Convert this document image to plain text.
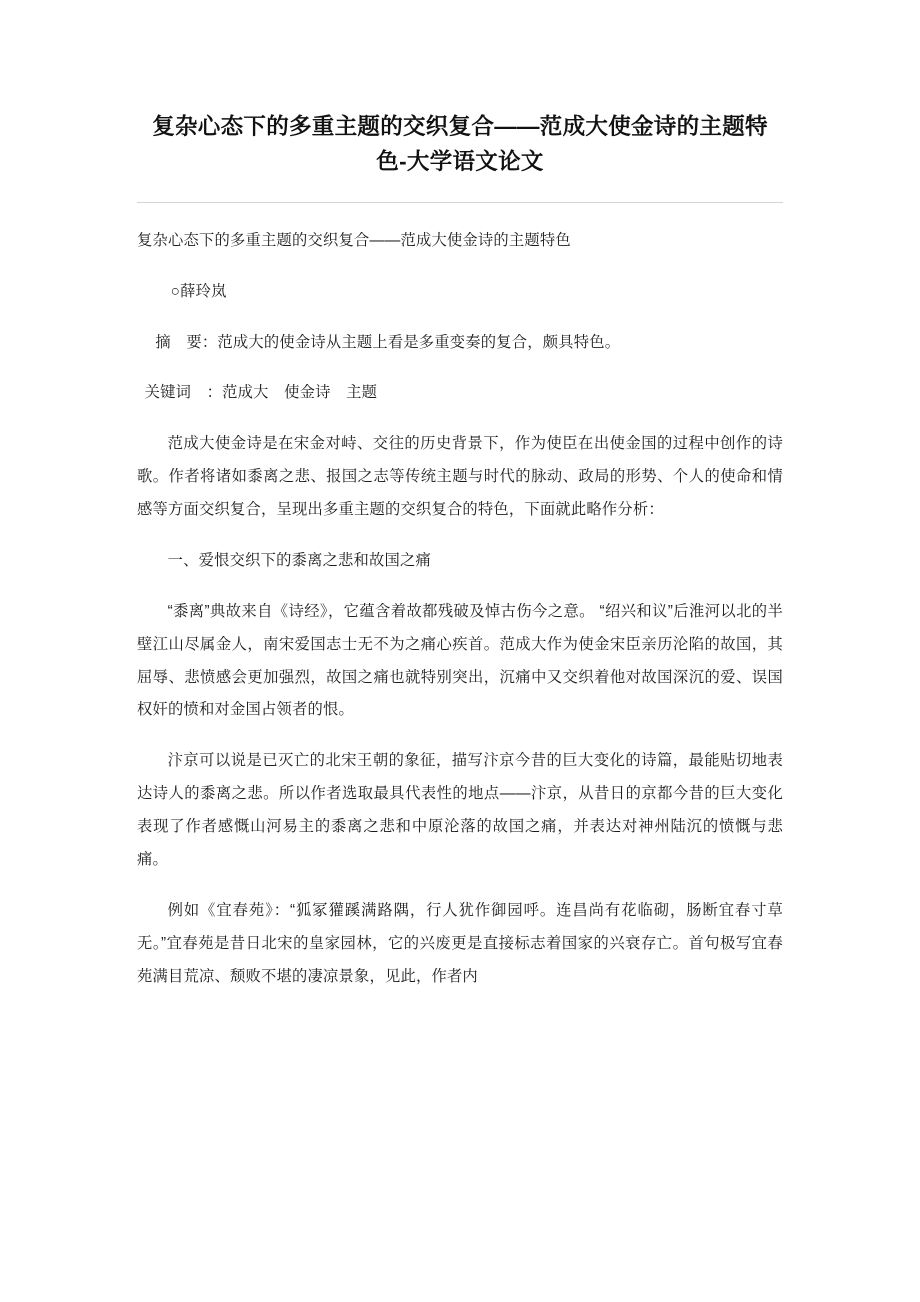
复杂心态下的多重主题的交织复合——范成大使金诗的主题特色-大学语文论文

复杂心态下的多重主题的交织复合——范成大使金诗的主题特色

○薛玲岚

摘　要：范成大的使金诗从主题上看是多重变奏的复合，颇具特色。

关键词　：范成大　使金诗　主题

范成大使金诗是在宋金对峙、交往的历史背景下，作为使臣在出使金国的过程中创作的诗歌。作者将诸如黍离之悲、报国之志等传统主题与时代的脉动、政局的形势、个人的使命和情感等方面交织复合，呈现出多重主题的交织复合的特色，下面就此略作分析：

一、爱恨交织下的黍离之悲和故国之痛

“黍离”典故来自《诗经》，它蕴含着故都残破及悼古伤今之意。 “绍兴和议”后淮河以北的半壁江山尽属金人，南宋爱国志士无不为之痛心疾首。范成大作为使金宋臣亲历沦陷的故国，其屈辱、悲愤感会更加强烈，故国之痛也就特别突出，沉痛中又交织着他对故国深沉的爱、误国权奸的愤和对金国占领者的恨。

汴京可以说是已灭亡的北宋王朝的象征，描写汴京今昔的巨大变化的诗篇，最能贴切地表达诗人的黍离之悲。所以作者选取最具代表性的地点——汴京，从昔日的京都今昔的巨大变化表现了作者感慨山河易主的黍离之悲和中原沦落的故国之痛，并表达对神州陆沉的愤慨与悲痛。

例如《宜春苑》：“狐冢獾蹊满路隅，行人犹作御园呼。连昌尚有花临砌，肠断宜春寸草无。”宜春苑是昔日北宋的皇家园林，它的兴废更是直接标志着国家的兴衰存亡。首句极写宜春苑满目荒凉、颓败不堪的凄凉景象，见此，作者内
